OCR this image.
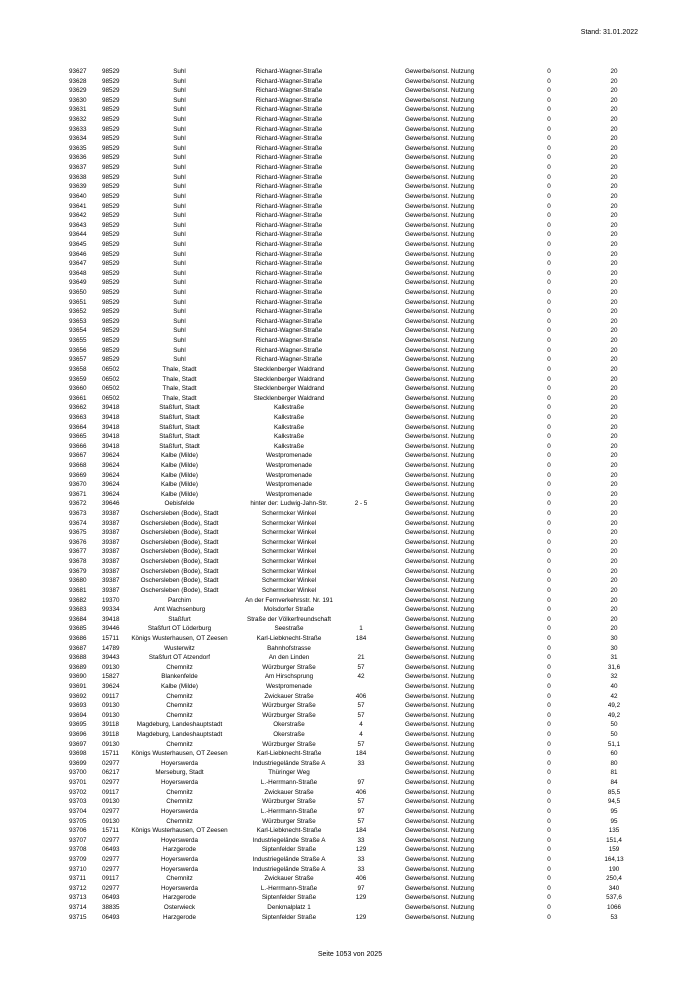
Stand: 31.01.2022
93627 98529	Suhl	Richard-Wagner-Straße	Gewerbe/sonst. Nutzung	0	20
93628 98529	Suhl	Richard-Wagner-Straße	Gewerbe/sonst. Nutzung	0	20
93629 98529	Suhl	Richard-Wagner-Straße	Gewerbe/sonst. Nutzung	0	20
93630 98529	Suhl	Richard-Wagner-Straße	Gewerbe/sonst. Nutzung	0	20
93631 98529	Suhl	Richard-Wagner-Straße	Gewerbe/sonst. Nutzung	0	20
93632 98529	Suhl	Richard-Wagner-Straße	Gewerbe/sonst. Nutzung	0	20
93633 98529	Suhl	Richard-Wagner-Straße	Gewerbe/sonst. Nutzung	0	20
93634 98529	Suhl	Richard-Wagner-Straße	Gewerbe/sonst. Nutzung	0	20
93635 98529	Suhl	Richard-Wagner-Straße	Gewerbe/sonst. Nutzung	0	20
93636 98529	Suhl	Richard-Wagner-Straße	Gewerbe/sonst. Nutzung	0	20
93637 98529	Suhl	Richard-Wagner-Straße	Gewerbe/sonst. Nutzung	0	20
93638 98529	Suhl	Richard-Wagner-Straße	Gewerbe/sonst. Nutzung	0	20
93639 98529	Suhl	Richard-Wagner-Straße	Gewerbe/sonst. Nutzung	0	20
93640 98529	Suhl	Richard-Wagner-Straße	Gewerbe/sonst. Nutzung	0	20
93641 98529	Suhl	Richard-Wagner-Straße	Gewerbe/sonst. Nutzung	0	20
93642 98529	Suhl	Richard-Wagner-Straße	Gewerbe/sonst. Nutzung	0	20
93643 98529	Suhl	Richard-Wagner-Straße	Gewerbe/sonst. Nutzung	0	20
93644 98529	Suhl	Richard-Wagner-Straße	Gewerbe/sonst. Nutzung	0	20
93645 98529	Suhl	Richard-Wagner-Straße	Gewerbe/sonst. Nutzung	0	20
93646 98529	Suhl	Richard-Wagner-Straße	Gewerbe/sonst. Nutzung	0	20
93647 98529	Suhl	Richard-Wagner-Straße	Gewerbe/sonst. Nutzung	0	20
93648 98529	Suhl	Richard-Wagner-Straße	Gewerbe/sonst. Nutzung	0	20
93649 98529	Suhl	Richard-Wagner-Straße	Gewerbe/sonst. Nutzung	0	20
93650 98529	Suhl	Richard-Wagner-Straße	Gewerbe/sonst. Nutzung	0	20
93651 98529	Suhl	Richard-Wagner-Straße	Gewerbe/sonst. Nutzung	0	20
93652 98529	Suhl	Richard-Wagner-Straße	Gewerbe/sonst. Nutzung	0	20
93653 98529	Suhl	Richard-Wagner-Straße	Gewerbe/sonst. Nutzung	0	20
93654 98529	Suhl	Richard-Wagner-Straße	Gewerbe/sonst. Nutzung	0	20
93655 98529	Suhl	Richard-Wagner-Straße	Gewerbe/sonst. Nutzung	0	20
93656 98529	Suhl	Richard-Wagner-Straße	Gewerbe/sonst. Nutzung	0	20
93657 98529	Suhl	Richard-Wagner-Straße	Gewerbe/sonst. Nutzung	0	20
93658 06502	Thale, Stadt	Stecklenberger Waldrand	Gewerbe/sonst. Nutzung	0	20
93659 06502	Thale, Stadt	Stecklenberger Waldrand	Gewerbe/sonst. Nutzung	0	20
93660 06502	Thale, Stadt	Stecklenberger Waldrand	Gewerbe/sonst. Nutzung	0	20
93661 06502	Thale, Stadt	Stecklenberger Waldrand	Gewerbe/sonst. Nutzung	0	20
93662 39418	Staßfurt, Stadt	Kalkstraße	Gewerbe/sonst. Nutzung	0	20
93663 39418	Staßfurt, Stadt	Kalkstraße	Gewerbe/sonst. Nutzung	0	20
93664 39418	Staßfurt, Stadt	Kalkstraße	Gewerbe/sonst. Nutzung	0	20
93665 39418	Staßfurt, Stadt	Kalkstraße	Gewerbe/sonst. Nutzung	0	20
93666 39418	Staßfurt, Stadt	Kalkstraße	Gewerbe/sonst. Nutzung	0	20
93667 39624	Kalbe (Milde)	Westpromenade	Gewerbe/sonst. Nutzung	0	20
93668 39624	Kalbe (Milde)	Westpromenade	Gewerbe/sonst. Nutzung	0	20
93669 39624	Kalbe (Milde)	Westpromenade	Gewerbe/sonst. Nutzung	0	20
93670 39624	Kalbe (Milde)	Westpromenade	Gewerbe/sonst. Nutzung	0	20
93671 39624	Kalbe (Milde)	Westpromenade	Gewerbe/sonst. Nutzung	0	20
93672 39646	Oebisfelde	hinter der: Ludwig-Jahn-Str.	2 - 5	Gewerbe/sonst. Nutzung	0	20
93673 39387	Oschersleben (Bode), Stadt	Schermcker Winkel	Gewerbe/sonst. Nutzung	0	20
93674 39387	Oschersleben (Bode), Stadt	Schermcker Winkel	Gewerbe/sonst. Nutzung	0	20
93675 39387	Oschersleben (Bode), Stadt	Schermcker Winkel	Gewerbe/sonst. Nutzung	0	20
93676 39387	Oschersleben (Bode), Stadt	Schermcker Winkel	Gewerbe/sonst. Nutzung	0	20
93677 39387	Oschersleben (Bode), Stadt	Schermcker Winkel	Gewerbe/sonst. Nutzung	0	20
93678 39387	Oschersleben (Bode), Stadt	Schermcker Winkel	Gewerbe/sonst. Nutzung	0	20
93679 39387	Oschersleben (Bode), Stadt	Schermcker Winkel	Gewerbe/sonst. Nutzung	0	20
93680 39387	Oschersleben (Bode), Stadt	Schermcker Winkel	Gewerbe/sonst. Nutzung	0	20
93681 39387	Oschersleben (Bode), Stadt	Schermcker Winkel	Gewerbe/sonst. Nutzung	0	20
93682 19370	Parchim	An der Fernverkehrsstr. Nr. 191	Gewerbe/sonst. Nutzung	0	20
93683 99334	Amt Wachsenburg	Molsdorfer Straße	Gewerbe/sonst. Nutzung	0	20
93684 39418	Staßfurt	Straße der Völkerfreundschaft	Gewerbe/sonst. Nutzung	0	20
93685 39446	Staßfurt OT Löderburg	Seestraße	1	Gewerbe/sonst. Nutzung	0	20
93686 15711	Königs Wusterhausen, OT Zeesen	Karl-Liebknecht-Straße	184	Gewerbe/sonst. Nutzung	0	30
93687 14789	Wusterwitz	Bahnhofstrasse	Gewerbe/sonst. Nutzung	0	30
93688 39443	Staßfurt OT Atzendorf	An den Linden	21	Gewerbe/sonst. Nutzung	0	31
93689 09130	Chemnitz	Würzburger Straße	57	Gewerbe/sonst. Nutzung	0	31,6
93690 15827	Blankenfelde	Am Hirschsprung	42	Gewerbe/sonst. Nutzung	0	32
93691 39624	Kalbe (Milde)	Westpromenade	Gewerbe/sonst. Nutzung	0	40
93692 09117	Chemnitz	Zwickauer Straße	406	Gewerbe/sonst. Nutzung	0	42
93693 09130	Chemnitz	Würzburger Straße	57	Gewerbe/sonst. Nutzung	0	49,2
93694 09130	Chemnitz	Würzburger Straße	57	Gewerbe/sonst. Nutzung	0	49,2
93695 39118	Magdeburg, Landeshauptstadt	Okerstraße	4	Gewerbe/sonst. Nutzung	0	50
93696 39118	Magdeburg, Landeshauptstadt	Okerstraße	4	Gewerbe/sonst. Nutzung	0	50
93697 09130	Chemnitz	Würzburger Straße	57	Gewerbe/sonst. Nutzung	0	51,1
93698 15711	Königs Wusterhausen, OT Zeesen	Karl-Liebknecht-Straße	184	Gewerbe/sonst. Nutzung	0	60
93699 02977	Hoyerswerda	Industriegelände Straße A	33	Gewerbe/sonst. Nutzung	0	80
93700 06217	Merseburg, Stadt	Thüringer Weg	Gewerbe/sonst. Nutzung	0	81
93701 02977	Hoyerswerda	L.-Herrmann-Straße	97	Gewerbe/sonst. Nutzung	0	84
93702 09117	Chemnitz	Zwickauer Straße	406	Gewerbe/sonst. Nutzung	0	85,5
93703 09130	Chemnitz	Würzburger Straße	57	Gewerbe/sonst. Nutzung	0	94,5
93704 02977	Hoyerswerda	L.-Herrmann-Straße	97	Gewerbe/sonst. Nutzung	0	95
93705 09130	Chemnitz	Würzburger Straße	57	Gewerbe/sonst. Nutzung	0	95
93706 15711	Königs Wusterhausen, OT Zeesen	Karl-Liebknecht-Straße	184	Gewerbe/sonst. Nutzung	0	135
93707 02977	Hoyerswerda	Industriegelände Straße A	33	Gewerbe/sonst. Nutzung	0	151,4
93708 06493	Harzgerode	Siptenfelder Straße	129	Gewerbe/sonst. Nutzung	0	159
93709 02977	Hoyerswerda	Industriegelände Straße A	33	Gewerbe/sonst. Nutzung	0	164,13
93710 02977	Hoyerswerda	Industriegelände Straße A	33	Gewerbe/sonst. Nutzung	0	190
93711	09117	Chemnitz	Zwickauer Straße	406	Gewerbe/sonst. Nutzung	0	250,4
93712 02977	Hoyerswerda	L.-Herrmann-Straße	97	Gewerbe/sonst. Nutzung	0	340
93713 06493	Harzgerode	Siptenfelder Straße	129	Gewerbe/sonst. Nutzung	0	537,6
93714 38835	Osterwieck	Denkmalplatz 1	Gewerbe/sonst. Nutzung	0	1066
93715 06493	Harzgerode	Siptenfelder Straße	129	Gewerbe/sonst. Nutzung	0	53
Seite 1053 von 2025
